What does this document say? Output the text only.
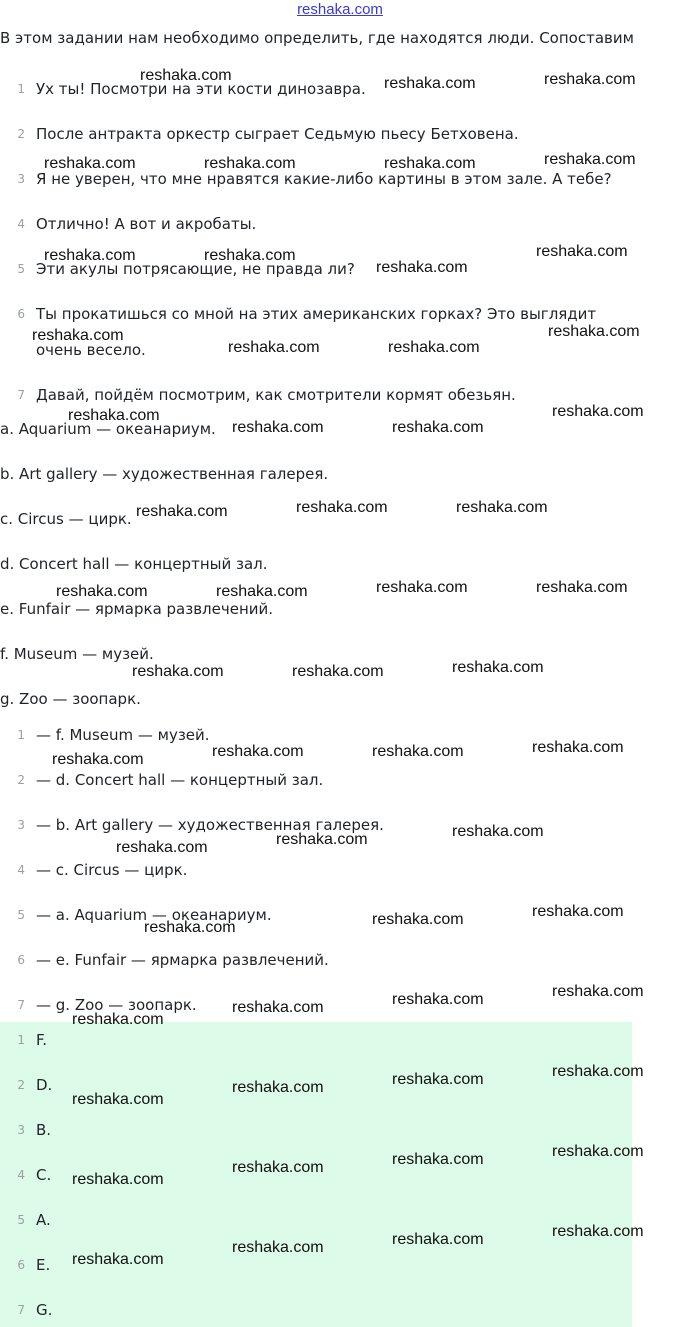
reshaka.com
В этом задании нам необходимо определить, где находятся люди. Сопоставим
1 Ух ты! Посмотри на эти кости динозавра.
2 После антракта оркестр сыграет Седьмую пьесу Бетховена.
3 Я не уверен, что мне нравятся какие-либо картины в этом зале. А тебе?
4 Отлично! А вот и акробаты.
5 Эти акулы потрясающие, не правда ли?
6 Ты прокатишься со мной на этих американских горках? Это выглядит
очень весело.
7 Давай, пойдём посмотрим, как смотрители кормят обезьян.
a. Aquarium — океанариум.
b. Art gallery — художественная галерея.
c. Circus — цирк.
d. Concert hall — концертный зал.
e. Funfair — ярмарка развлечений.
f. Museum — музей.
g. Zoo — зоопарк.
1 — f. Museum — музей.
2 — d. Concert hall — концертный зал.
3 — b. Art gallery — художественная галерея.
4 — c. Circus — цирк.
5 — a. Aquarium — океанариум.
6 — e. Funfair — ярмарка развлечений.
7 — g. Zoo — зоопарк.
1 F.
2 D.
3 B.
4 C.
5 A.
6 E.
7 G.
reshaka.com	reshaka.com	reshaka.com
reshaka.com	reshaka.com	reshaka.com	reshaka.com
reshaka.com	reshaka.com	reshaka.com
reshaka.com
reshaka.com
reshaka.com
reshaka.com	reshaka.com
reshaka.com	reshaka.com
reshaka.com	reshaka.com
reshaka.com	reshaka.com
reshaka.com
reshaka.com	reshaka.com
reshaka.com	reshaka.com
reshaka.com
reshaka.com	reshaka.com
reshaka.com
reshaka.com	reshaka.com
reshaka.com
reshaka.com
reshaka.com
reshaka.com
reshaka.com
reshaka.com
reshaka.com
reshaka.com
reshaka.com
reshaka.com
reshaka.com
reshaka.com
reshaka.com
reshaka.com
reshaka.com
reshaka.com
reshaka.com
reshaka.com
reshaka.com
reshaka.com
reshaka.com
reshaka.com
reshaka.com
